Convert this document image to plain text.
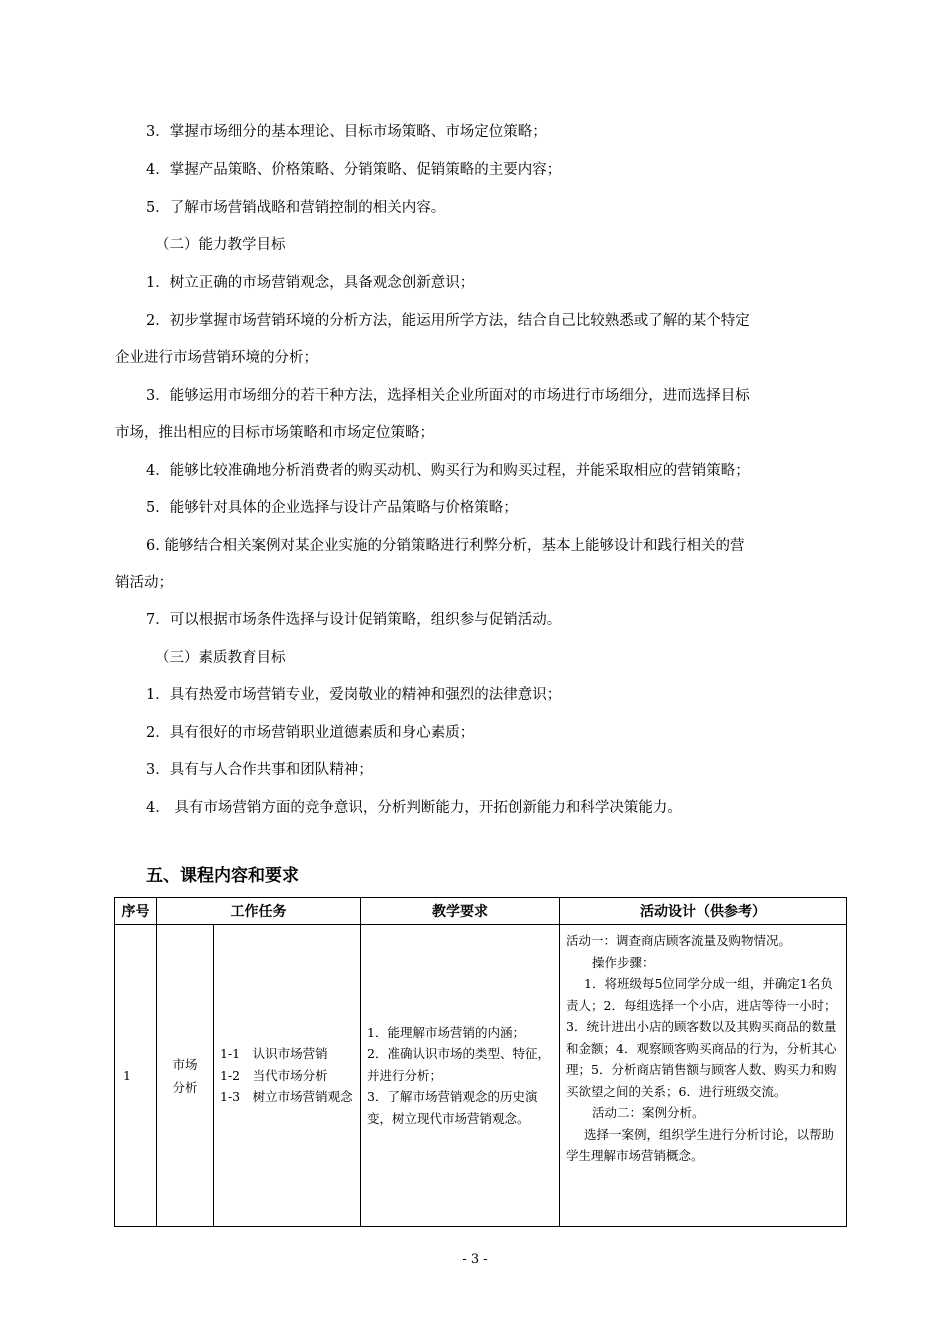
3．掌握市场细分的基本理论、目标市场策略、市场定位策略；
4．掌握产品策略、价格策略、分销策略、促销策略的主要内容；
5．了解市场营销战略和营销控制的相关内容。
（二）能力教学目标
1．树立正确的市场营销观念，具备观念创新意识；
2．初步掌握市场营销环境的分析方法，能运用所学方法，结合自己比较熟悉或了解的某个特定
企业进行市场营销环境的分析；
3．能够运用市场细分的若干种方法，选择相关企业所面对的市场进行市场细分，进而选择目标
市场，推出相应的目标市场策略和市场定位策略；
4．能够比较准确地分析消费者的购买动机、购买行为和购买过程，并能采取相应的营销策略；
5．能够针对具体的企业选择与设计产品策略与价格策略；
6. 能够结合相关案例对某企业实施的分销策略进行利弊分析，基本上能够设计和践行相关的营
销活动；
7．可以根据市场条件选择与设计促销策略，组织参与促销活动。
（三）素质教育目标
1．具有热爱市场营销专业，爱岗敬业的精神和强烈的法律意识；
2．具有很好的市场营销职业道德素质和身心素质；
3．具有与人合作共事和团队精神；
4． 具有市场营销方面的竞争意识，分析判断能力，开拓创新能力和科学决策能力。
五、课程内容和要求
序号	工作任务		教学要求	活动设计（供参考）
1	市场分析	1-1　认识市场营销
1-2　当代市场分析
1-3　树立市场营销观念	1．能理解市场营销的内涵；
2．准确认识市场的类型、特征，并进行分析；
3．了解市场营销观念的历史演变，树立现代市场营销观念。	活动一：调查商店顾客流量及购物情况。
操作步骤：
1．将班级每5位同学分成一组，并确定1名负责人；2．每组选择一个小店，进店等待一小时；3．统计进出小店的顾客数以及其购买商品的数量和金额；4．观察顾客购买商品的行为，分析其心理；5．分析商店销售额与顾客人数、购买力和购买欲望之间的关系；6．进行班级交流。
活动二：案例分析。
选择一案例，组织学生进行分析讨论，以帮助学生理解市场营销概念。
- 3 -
